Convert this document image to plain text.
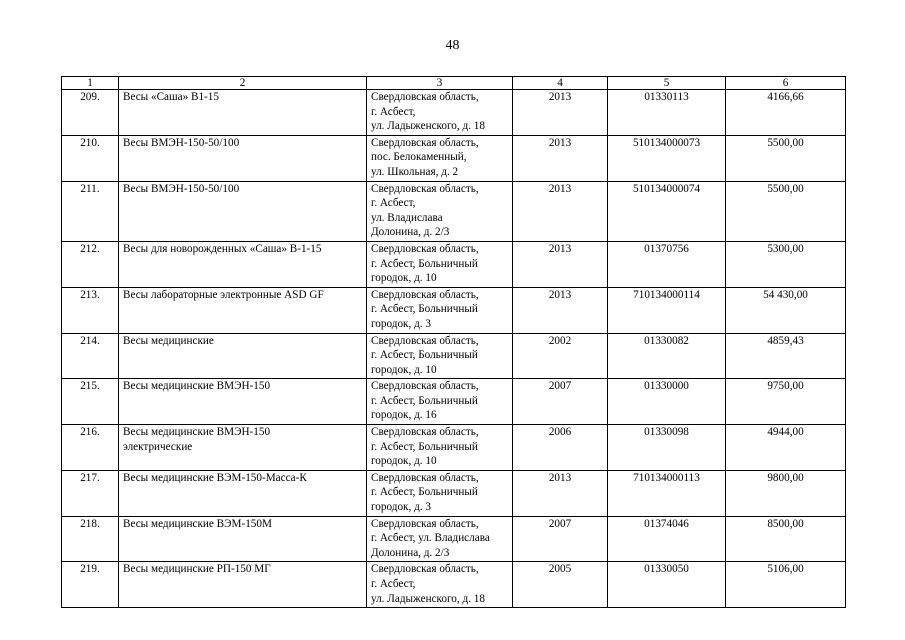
48
1	2	3	4	5	6
209.	Весы «Саша» В1-15	Свердловская область,
г. Асбест,
ул. Ладыженского, д. 18	2013	01330113	4166,66
210.	Весы ВМЭН-150-50/100	Свердловская область,
пос. Белокаменный,
ул. Школьная, д. 2	2013	510134000073	5500,00
211.	Весы ВМЭН-150-50/100	Свердловская область,
г. Асбест,
ул. Владислава
Долонина, д. 2/3	2013	510134000074	5500,00
212.	Весы для новорожденных «Саша» В-1-15	Свердловская область,
г. Асбест, Больничный
городок, д. 10	2013	01370756	5300,00
213.	Весы лабораторные электронные ASD GF	Свердловская область,
г. Асбест, Больничный
городок, д. 3	2013	710134000114	54 430,00
214.	Весы медицинские	Свердловская область,
г. Асбест, Больничный
городок, д. 10	2002	01330082	4859,43
215.	Весы медицинские ВМЭН-150	Свердловская область,
г. Асбест, Больничный
городок, д. 16	2007	01330000	9750,00
216.	Весы медицинские ВМЭН-150
электрические	Свердловская область,
г. Асбест, Больничный
городок, д. 10	2006	01330098	4944,00
217.	Весы медицинские ВЭМ-150-Масса-К	Свердловская область,
г. Асбест, Больничный
городок, д. 3	2013	710134000113	9800,00
218.	Весы медицинские ВЭМ-150М	Свердловская область,
г. Асбест, ул. Владислава
Долонина, д. 2/3	2007	01374046	8500,00
219.	Весы медицинские РП-150 МГ	Свердловская область,
г. Асбест,
ул. Ладыженского, д. 18	2005	01330050	5106,00
